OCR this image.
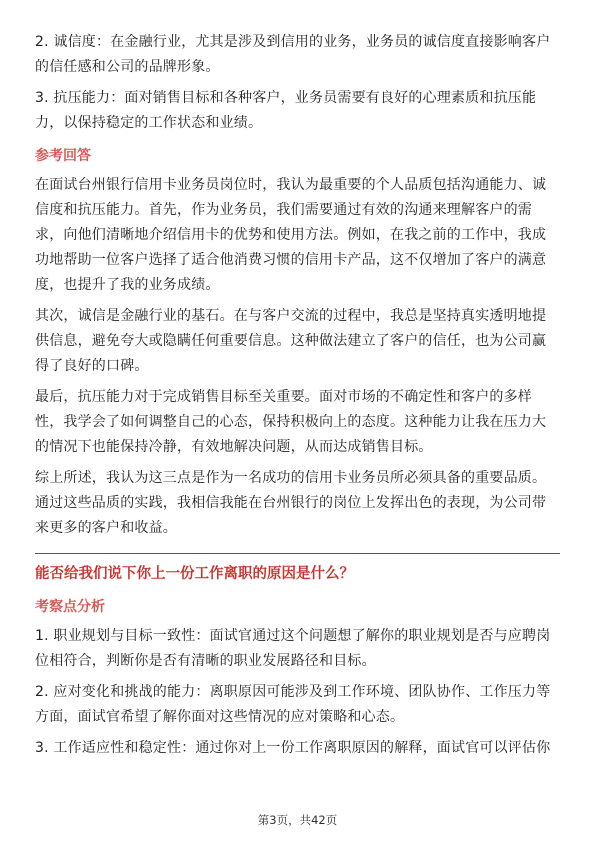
2. 诚信度：在金融行业，尤其是涉及到信用的业务，业务员的诚信度直接影响客户的信任感和公司的品牌形象。

3. 抗压能力：面对销售目标和各种客户，业务员需要有良好的心理素质和抗压能力，以保持稳定的工作状态和业绩。

参考回答

在面试台州银行信用卡业务员岗位时，我认为最重要的个人品质包括沟通能力、诚信度和抗压能力。首先，作为业务员，我们需要通过有效的沟通来理解客户的需求，向他们清晰地介绍信用卡的优势和使用方法。例如，在我之前的工作中，我成功地帮助一位客户选择了适合他消费习惯的信用卡产品，这不仅增加了客户的满意度，也提升了我的业务成绩。

其次，诚信是金融行业的基石。在与客户交流的过程中，我总是坚持真实透明地提供信息，避免夸大或隐瞒任何重要信息。这种做法建立了客户的信任，也为公司赢得了良好的口碑。

最后，抗压能力对于完成销售目标至关重要。面对市场的不确定性和客户的多样性，我学会了如何调整自己的心态，保持积极向上的态度。这种能力让我在压力大的情况下也能保持冷静，有效地解决问题，从而达成销售目标。

综上所述，我认为这三点是作为一名成功的信用卡业务员所必须具备的重要品质。通过这些品质的实践，我相信我能在台州银行的岗位上发挥出色的表现，为公司带来更多的客户和收益。

能否给我们说下你上一份工作离职的原因是什么？
考察点分析

1. 职业规划与目标一致性：面试官通过这个问题想了解你的职业规划是否与应聘岗位相符合，判断你是否有清晰的职业发展路径和目标。

2. 应对变化和挑战的能力：离职原因可能涉及到工作环境、团队协作、工作压力等方面，面试官希望了解你面对这些情况的应对策略和心态。

3. 工作适应性和稳定性：通过你对上一份工作离职原因的解释，面试官可以评估你

第3页，共42页
